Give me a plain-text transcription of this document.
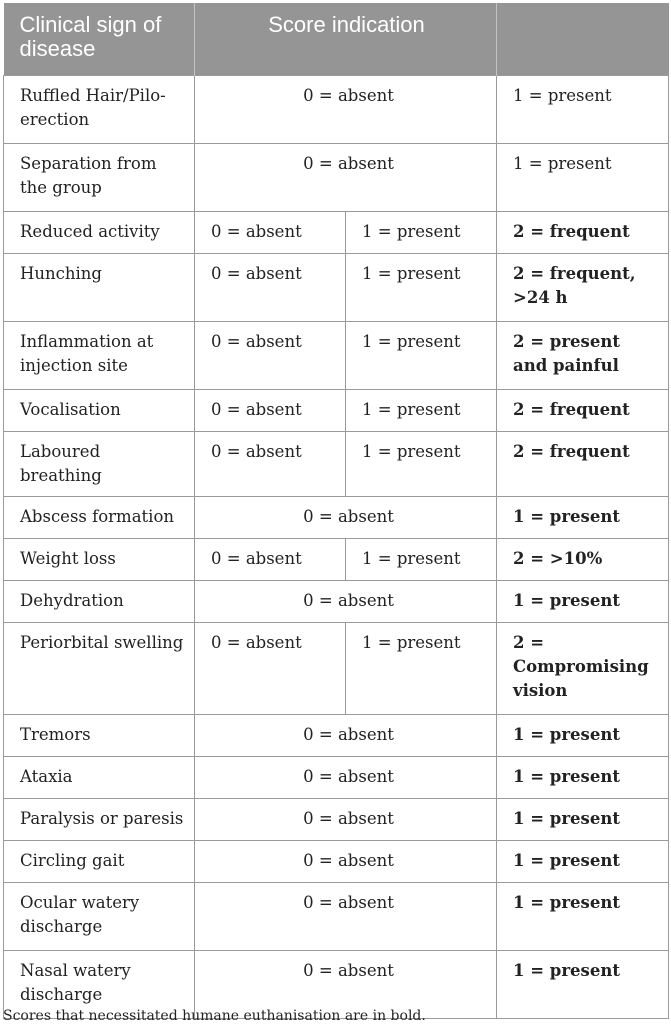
Clinical sign of disease	Score indication		
Ruffled Hair/Pilo-erection	0 = absent		1 = present
Separation from the group	0 = absent		1 = present
Reduced activity	0 = absent	1 = present	2 = frequent
Hunching	0 = absent	1 = present	2 = frequent, >24 h
Inflammation at injection site	0 = absent	1 = present	2 = present and painful
Vocalisation	0 = absent	1 = present	2 = frequent
Laboured breathing	0 = absent	1 = present	2 = frequent
Abscess formation	0 = absent		1 = present
Weight loss	0 = absent	1 = present	2 = >10%
Dehydration	0 = absent		1 = present
Periorbital swelling	0 = absent	1 = present	2 = Compromising vision
Tremors	0 = absent		1 = present
Ataxia	0 = absent		1 = present
Paralysis or paresis	0 = absent		1 = present
Circling gait	0 = absent		1 = present
Ocular watery discharge	0 = absent		1 = present
Nasal watery discharge	0 = absent		1 = present
Scores that necessitated humane euthanisation are in bold.
